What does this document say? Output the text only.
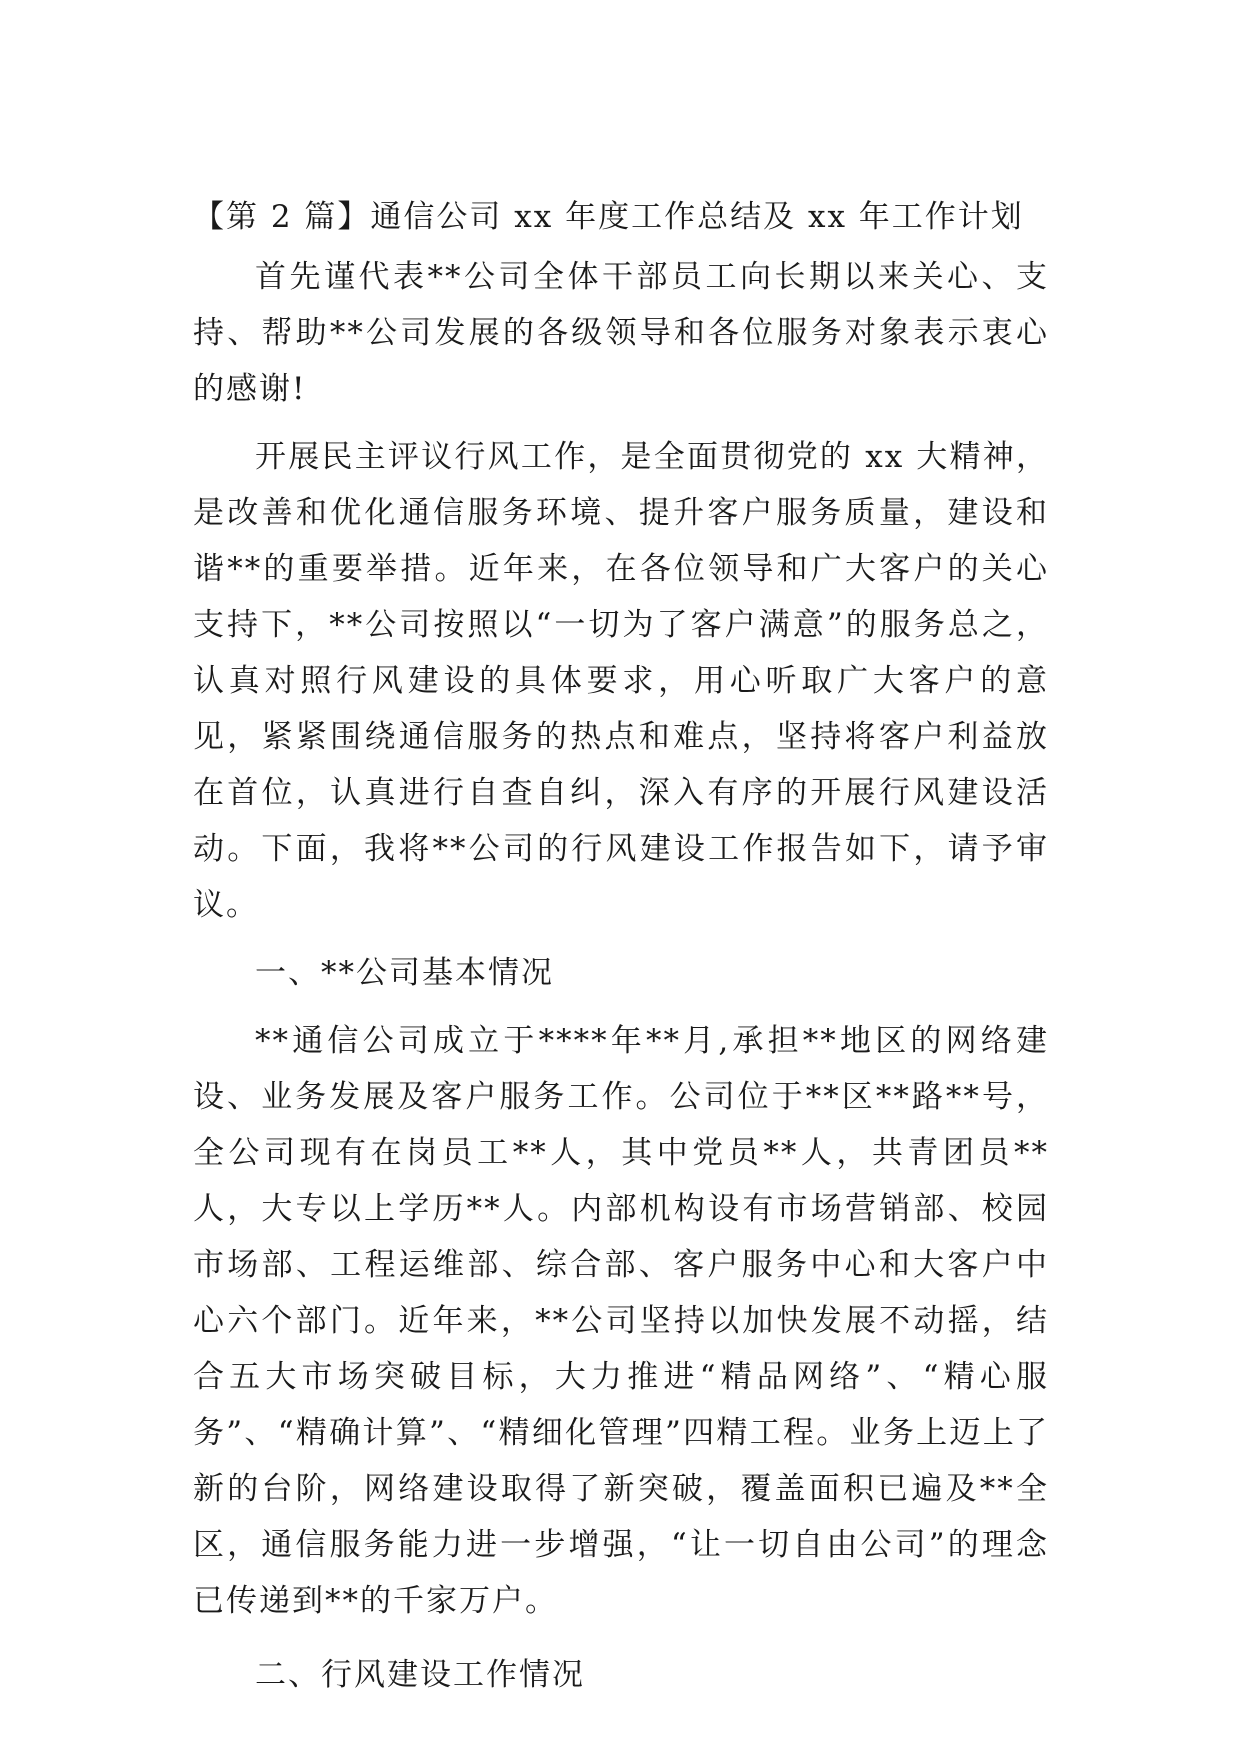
【第 2 篇】通信公司 xx 年度工作总结及 xx 年工作计划

首先谨代表**公司全体干部员工向长期以来关心、支持、帮助**公司发展的各级领导和各位服务对象表示衷心的感谢!

开展民主评议行风工作，是全面贯彻党的 xx 大精神，是改善和优化通信服务环境、提升客户服务质量，建设和谐**的重要举措。近年来，在各位领导和广大客户的关心支持下，**公司按照以“一切为了客户满意”的服务总之，认真对照行风建设的具体要求，用心听取广大客户的意见，紧紧围绕通信服务的热点和难点，坚持将客户利益放在首位，认真进行自查自纠，深入有序的开展行风建设活动。下面，我将**公司的行风建设工作报告如下，请予审议。

一、**公司基本情况

**通信公司成立于****年**月,承担**地区的网络建设、业务发展及客户服务工作。公司位于**区**路**号，全公司现有在岗员工**人，其中党员**人，共青团员**人，大专以上学历**人。内部机构设有市场营销部、校园市场部、工程运维部、综合部、客户服务中心和大客户中心六个部门。近年来，**公司坚持以加快发展不动摇，结合五大市场突破目标，大力推进“精品网络”、“精心服务”、“精确计算”、“精细化管理”四精工程。业务上迈上了新的台阶，网络建设取得了新突破，覆盖面积已遍及**全区，通信服务能力进一步增强，“让一切自由公司”的理念已传递到**的千家万户。

二、行风建设工作情况
